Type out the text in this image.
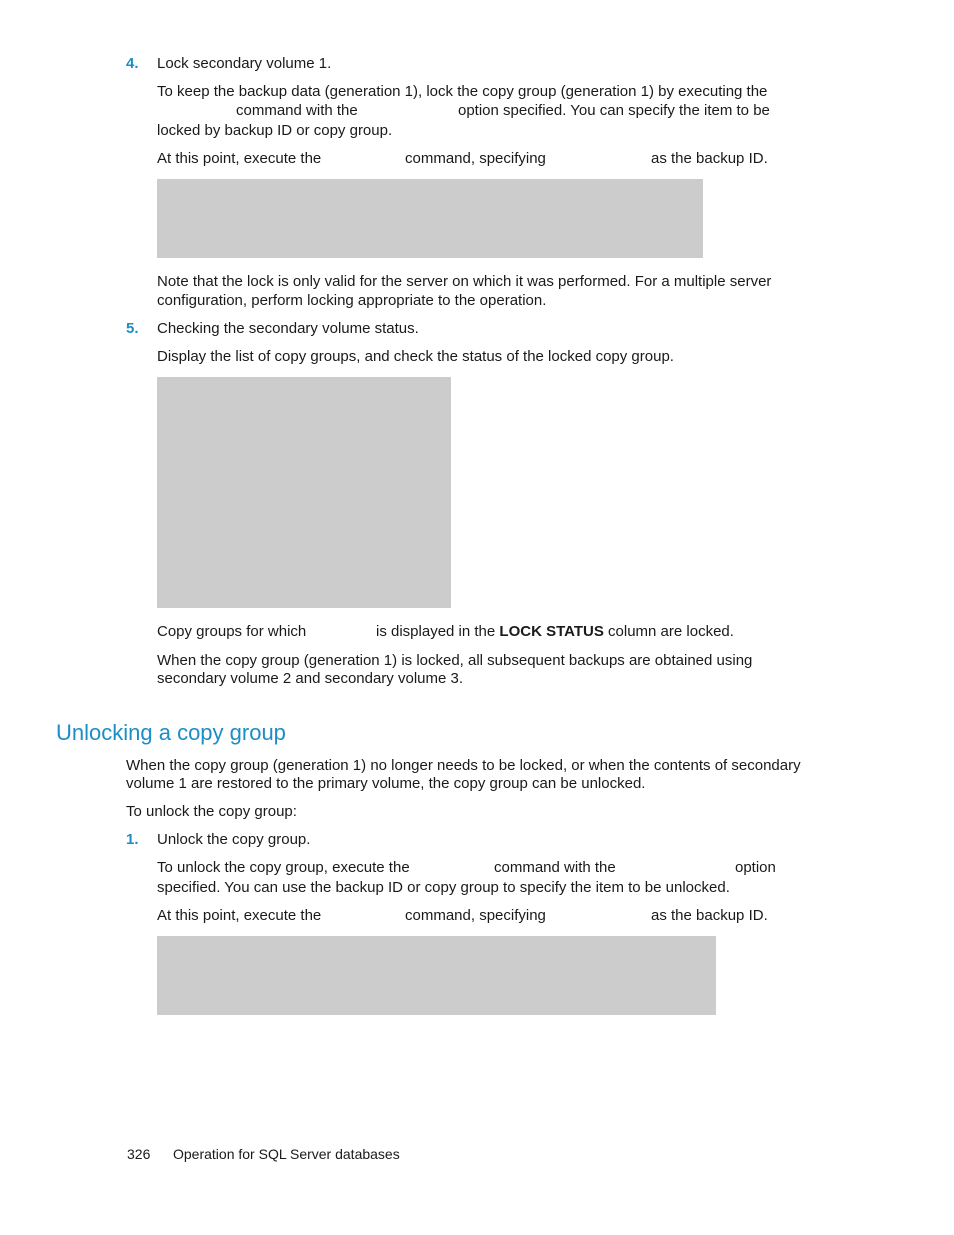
4. Lock secondary volume 1.
To keep the backup data (generation 1), lock the copy group (generation 1) by executing the
command with the	option specified. You can specify the item to be
locked by backup ID or copy group.
At this point, execute the	command, specifying	as the backup ID.
Note that the lock is only valid for the server on which it was performed. For a multiple server
configuration, perform locking appropriate to the operation.
5. Checking the secondary volume status.
Display the list of copy groups, and check the status of the locked copy group.
Copy groups for which	is displayed in the LOCK STATUS column are locked.
When the copy group (generation 1) is locked, all subsequent backups are obtained using
secondary volume 2 and secondary volume 3.
Unlocking a copy group
When the copy group (generation 1) no longer needs to be locked, or when the contents of secondary
volume 1 are restored to the primary volume, the copy group can be unlocked.
To unlock the copy group:
1. Unlock the copy group.
To unlock the copy group, execute the	command with the	option
specified. You can use the backup ID or copy group to specify the item to be unlocked.
At this point, execute the	command, specifying	as the backup ID.
326 Operation for SQL Server databases
